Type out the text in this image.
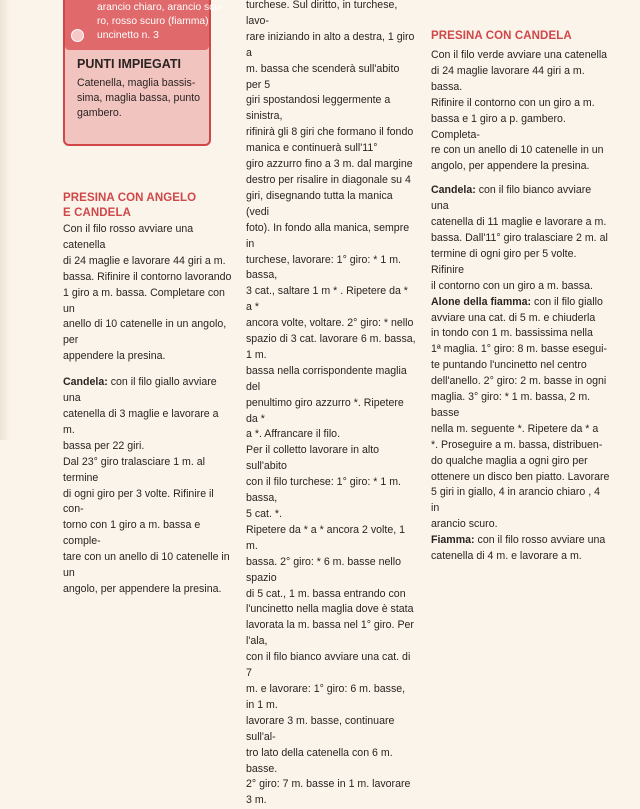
arancio chiaro, arancio scu-
ro, rosso scuro (fiamma)
uncinetto n. 3
PUNTI IMPIEGATI

Catenella, maglia bassis-

sima, maglia bassa, punto

gambero.

PRESINA CON ANGELO
E CANDELA

Con il filo rosso avviare una catenella

di 24 maglie e lavorare 44 giri a m.

bassa. Rifinire il contorno lavorando

1 giro a m. bassa. Completare con un

anello di 10 catenelle in un angolo, per

appendere la presina.

Candela: con il filo giallo avviare una

catenella di 3 maglie e lavorare a m.

bassa per 22 giri.

Dal 23° giro tralasciare 1 m. al termine

di ogni giro per 3 volte. Rifinire il con-

torno con 1 giro a m. bassa e comple-

tare con un anello di 10 catenelle in un

angolo, per appendere la presina.

turchese. Sul diritto, in turchese, lavo-

rare iniziando in alto a destra, 1 giro a

m. bassa che scenderà sull'abito per 5

giri spostandosi leggermente a sinistra,

rifinirà gli 8 giri che formano il fondo

manica e continuerà sull'11°

giro azzurro fino a 3 m. dal margine

destro per risalire in diagonale su 4

giri, disegnando tutta la manica (vedi

foto). In fondo alla manica, sempre in

turchese, lavorare: 1° giro: * 1 m. bassa,

3 cat., saltare 1 m * . Ripetere da * a *

ancora volte, voltare. 2° giro: * nello

spazio di 3 cat. lavorare 6 m. bassa, 1 m.

bassa nella corrispondente maglia del

penultimo giro azzurro *. Ripetere da *

a *. Affrancare il filo.

Per il colletto lavorare in alto sull'abito

con il filo turchese: 1° giro: * 1 m. bassa,

5 cat. *.

Ripetere da * a * ancora 2 volte, 1 m.

bassa. 2° giro: * 6 m. basse nello spazio

di 5 cat., 1 m. bassa entrando con

l'uncinetto nella maglia dove è stata

lavorata la m. bassa nel 1° giro. Per l'ala,

con il filo bianco avviare una cat. di 7

m. e lavorare: 1° giro: 6 m. basse, in 1 m.

lavorare 3 m. basse, continuare sull'al-

tro lato della catenella con 6 m. basse.

2° giro: 7 m. basse in 1 m. lavorare 3 m.

PRESINA CON CANDELA

Con il filo verde avviare una catenella

di 24 maglie lavorare 44 giri a m. bassa.

Rifinire il contorno con un giro a m.

bassa e 1 giro a p. gambero. Completa-

re con un anello di 10 catenelle in un

angolo, per appendere la presina.

Candela: con il filo bianco avviare una

catenella di 11 maglie e lavorare a m.

bassa. Dall'11° giro tralasciare 2 m. al

termine di ogni giro per 5 volte. Rifinire

il contorno con un giro a m. bassa.

Alone della fiamma: con il filo giallo

avviare una cat. di 5 m. e chiuderla

in tondo con 1 m. bassissima nella

1ª maglia. 1° giro: 8 m. basse esegui-

te puntando l'uncinetto nel centro

dell'anello. 2° giro: 2 m. basse in ogni

maglia. 3° giro: * 1 m. bassa, 2 m. basse

nella m. seguente *. Ripetere da * a

*. Proseguire a m. bassa, distribuen-

do qualche maglia a ogni giro per

ottenere un disco ben piatto. Lavorare

5 giri in giallo, 4 in arancio chiaro , 4 in

arancio scuro.

Fiamma: con il filo rosso avviare una

catenella di 4 m. e lavorare a m.
